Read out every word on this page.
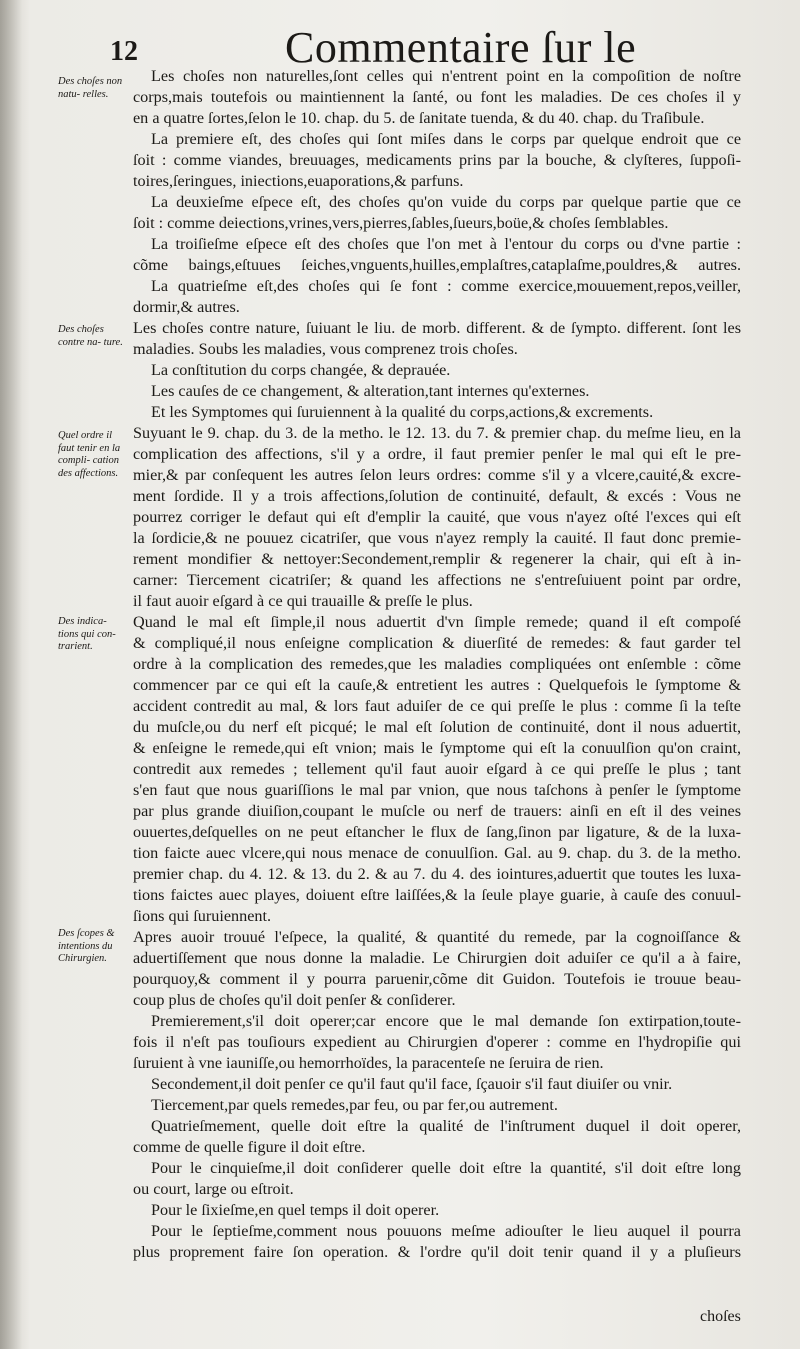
12	Commentaire ſur le
Des choſes non natu- relles.
Des choſes contre na- ture.
Quel ordre il faut tenir en la compli- cation des affections.
Des indica- tions qui con- trarient.
Des ſcopes & intentions du Chirurgien.
Les choſes non naturelles,ſont celles qui n'entrent point en la compoſition de noſtre
corps,mais toutefois ou maintiennent la ſanté, ou font les maladies. De ces choſes il y
en a quatre ſortes,ſelon le 10. chap. du 5. de ſanitate tuenda, & du 40. chap. du Traſibule.
La premiere eſt, des choſes qui ſont miſes dans le corps par quelque endroit que ce
ſoit : comme viandes, breuuages, medicaments prins par la bouche, & clyſteres, ſuppoſi-
toires,ſeringues, iniections,euaporations,& parfuns.
La deuxieſme eſpece eſt, des choſes qu'on vuide du corps par quelque partie que ce
ſoit : comme deiections,vrines,vers,pierres,ſables,ſueurs,boüe,& choſes ſemblables.
La troiſieſme eſpece eſt des choſes que l'on met à l'entour du corps ou d'vne partie :
cõme baings,eſtuues ſeiches,vnguents,huilles,emplaſtres,cataplaſme,pouldres,& autres.
La quatrieſme eſt,des choſes qui ſe font : comme exercice,mouuement,repos,veiller,
dormir,& autres.
Les choſes contre nature, ſuiuant le liu. de morb. different. & de ſympto. different. ſont les
maladies. Soubs les maladies, vous comprenez trois choſes.
La conſtitution du corps changée, & deprauée.
Les cauſes de ce changement, & alteration,tant internes qu'externes.
Et les Symptomes qui ſuruiennent à la qualité du corps,actions,& excrements.
Suyuant le 9. chap. du 3. de la metho. le 12. 13. du 7. & premier chap. du meſme lieu, en la
complication des affections, s'il y a ordre, il faut premier penſer le mal qui eſt le pre-
mier,& par conſequent les autres ſelon leurs ordres: comme s'il y a vlcere,cauité,& excre-
ment ſordide. Il y a trois affections,ſolution de continuité, default, & excés : Vous ne
pourrez corriger le defaut qui eſt d'emplir la cauité, que vous n'ayez oſté l'exces qui eſt
la ſordicie,& ne pouuez cicatriſer, que vous n'ayez remply la cauité. Il faut donc premie-
rement mondifier & nettoyer:Secondement,remplir & regenerer la chair, qui eſt à in-
carner: Tiercement cicatriſer; & quand les affections ne s'entreſuiuent point par ordre,
il faut auoir eſgard à ce qui trauaille & preſſe le plus.
Quand le mal eſt ſimple,il nous aduertit d'vn ſimple remede; quand il eſt compoſé
& compliqué,il nous enſeigne complication & diuerſité de remedes: & faut garder tel
ordre à la complication des remedes,que les maladies compliquées ont enſemble : cõme
commencer par ce qui eſt la cauſe,& entretient les autres : Quelquefois le ſymptome &
accident contredit au mal, & lors faut aduiſer de ce qui preſſe le plus : comme ſi la teſte
du muſcle,ou du nerf eſt picqué; le mal eſt ſolution de continuité, dont il nous aduertit,
& enſeigne le remede,qui eſt vnion; mais le ſymptome qui eſt la conuulſion qu'on craint,
contredit aux remedes ; tellement qu'il faut auoir eſgard à ce qui preſſe le plus ; tant
s'en faut que nous guariſſions le mal par vnion, que nous taſchons à penſer le ſymptome
par plus grande diuiſion,coupant le muſcle ou nerf de trauers: ainſi en eſt il des veines
ouuertes,deſquelles on ne peut eſtancher le flux de ſang,ſinon par ligature, & de la luxa-
tion faicte auec vlcere,qui nous menace de conuulſion. Gal. au 9. chap. du 3. de la metho.
premier chap. du 4. 12. & 13. du 2. & au 7. du 4. des iointures,aduertit que toutes les luxa-
tions faictes auec playes, doiuent eſtre laiſſées,& la ſeule playe guarie, à cauſe des conuul-
ſions qui ſuruiennent.
Apres auoir trouué l'eſpece, la qualité, & quantité du remede, par la cognoiſſance &
aduertiſſement que nous donne la maladie. Le Chirurgien doit aduiſer ce qu'il a à faire,
pourquoy,& comment il y pourra paruenir,cõme dit Guidon. Toutefois ie trouue beau-
coup plus de choſes qu'il doit penſer & conſiderer.
Premierement,s'il doit operer;car encore que le mal demande ſon extirpation,toute-
fois il n'eſt pas touſiours expedient au Chirurgien d'operer : comme en l'hydropiſie qui
ſuruient à vne iauniſſe,ou hemorrhoïdes, la paracenteſe ne ſeruira de rien.
Secondement,il doit penſer ce qu'il faut qu'il face, ſçauoir s'il faut diuiſer ou vnir.
Tiercement,par quels remedes,par feu, ou par fer,ou autrement.
Quatrieſmement, quelle doit eſtre la qualité de l'inſtrument duquel il doit operer,
comme de quelle figure il doit eſtre.
Pour le cinquieſme,il doit conſiderer quelle doit eſtre la quantité, s'il doit eſtre long
ou court, large ou eſtroit.
Pour le ſixieſme,en quel temps il doit operer.
Pour le ſeptieſme,comment nous pouuons meſme adiouſter le lieu auquel il pourra
plus proprement faire ſon operation. & l'ordre qu'il doit tenir quand il y a pluſieurs
choſes
